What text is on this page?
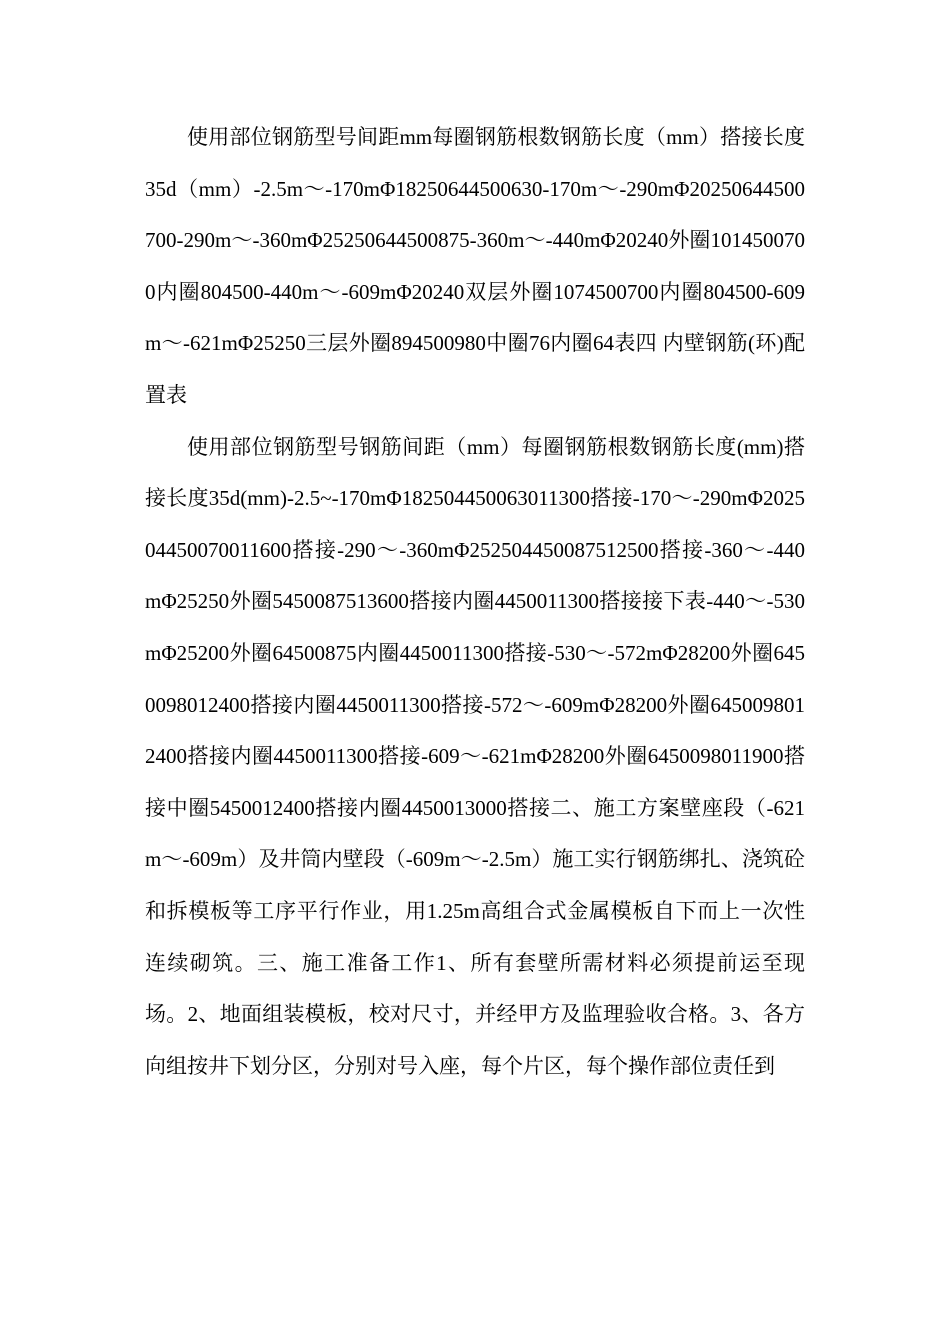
使用部位钢筋型号间距mm每圈钢筋根数钢筋长度（mm）搭接长度35d（mm）-2.5m～-170mΦ18250644500630-170m～-290mΦ20250644500700-290m～-360mΦ25250644500875-360m～-440mΦ20240外圈1014500700内圈804500-440m～-609mΦ20240双层外圈1074500700内圈804500-609m～-621mΦ25250三层外圈894500980中圈76内圈64表四 内壁钢筋(环)配置表

使用部位钢筋型号钢筋间距（mm）每圈钢筋根数钢筋长度(mm)搭接长度35d(mm)-2.5~-170mΦ182504450063011300搭接-170～-290mΦ202504450070011600搭接-290～-360mΦ252504450087512500搭接-360～-440mΦ25250外圈5450087513600搭接内圈4450011300搭接接下表-440～-530mΦ25200外圈64500875内圈4450011300搭接-530～-572mΦ28200外圈6450098012400搭接内圈4450011300搭接-572～-609mΦ28200外圈6450098012400搭接内圈4450011300搭接-609～-621mΦ28200外圈6450098011900搭接中圈5450012400搭接内圈4450013000搭接二、施工方案壁座段（-621m～-609m）及井筒内壁段（-609m～-2.5m）施工实行钢筋绑扎、浇筑砼和拆模板等工序平行作业，用1.25m高组合式金属模板自下而上一次性连续砌筑。三、施工准备工作1、所有套壁所需材料必须提前运至现场。2、地面组装模板，校对尺寸，并经甲方及监理验收合格。3、各方向组按井下划分区，分别对号入座，每个片区，每个操作部位责任到
